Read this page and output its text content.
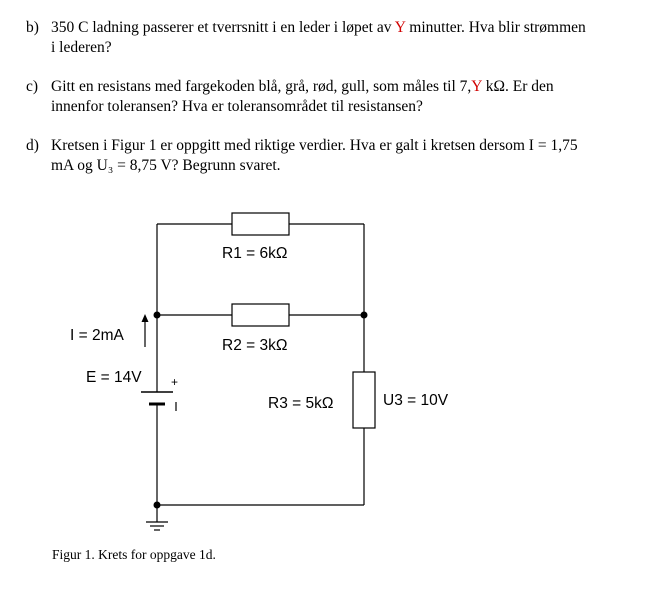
b) 350 C ladning passerer et tverrsnitt i en leder i løpet av Y minutter. Hva blir strømmen
i lederen?
c) Gitt en resistans med fargekoden blå, grå, rød, gull, som måles til 7,Y kΩ. Er den
innenfor toleransen? Hva er toleransområdet til resistansen?
d) Kretsen i Figur 1 er oppgitt med riktige verdier. Hva er galt i kretsen dersom I = 1,75
mA og U₃ = 8,75 V? Begrunn svaret.
R1 = 6kΩ
R2 = 3kΩ
R3 = 5kΩ	U3 = 10V
I = 2mA
E = 14V +
Figur 1. Krets for oppgave 1d.
